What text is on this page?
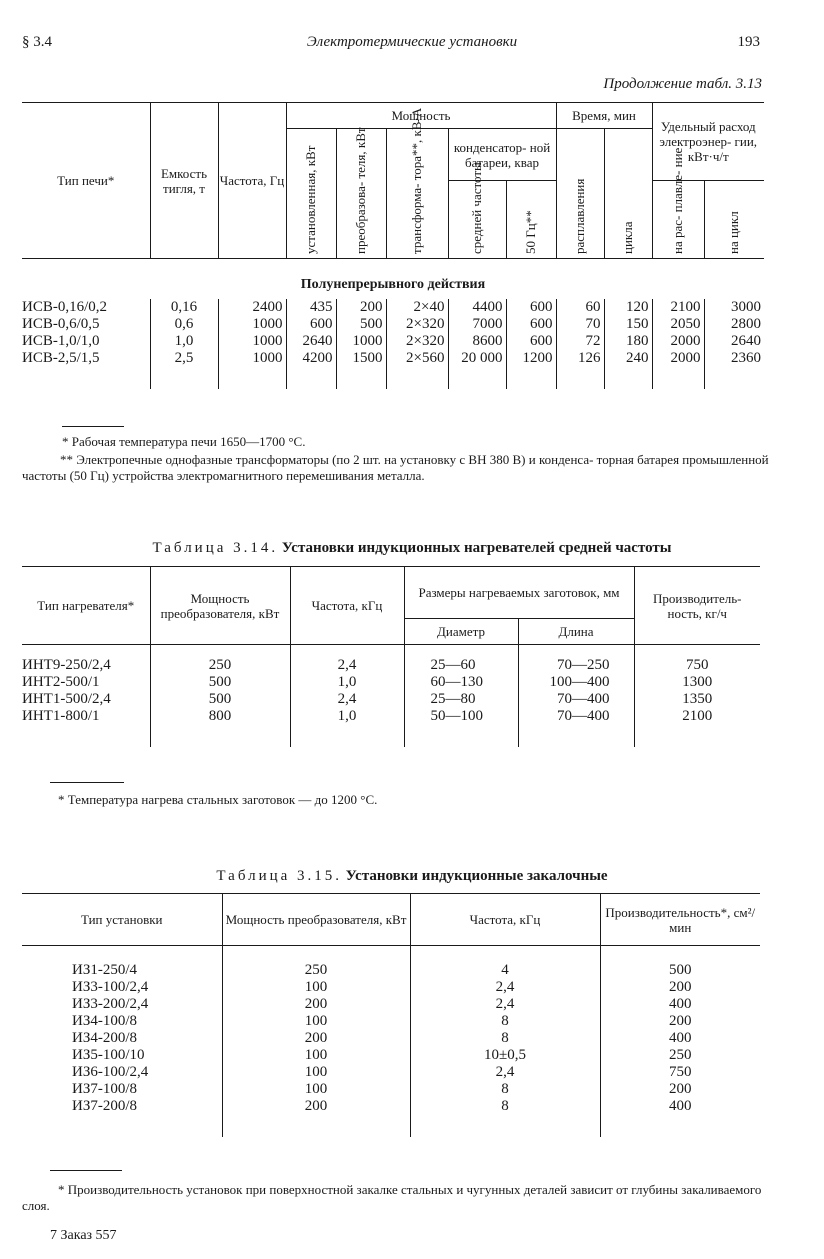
§ 3.4	Электротермические установки	193
Продолжение табл. 3.13
Тип печи*	Емкость тигля, т	Частота, Гц	Мощность					Время, мин		Удельный расход электроэнер- гии, кВт·ч/т	

			установленная, кВт	преобразова- теля, кВт	трансформа- тора**, кВ·А	конденсатор- ной батареи, квар		расплавления	цикла		

						средней частоты	50 Гц**			на рас- плавле- ние	на цикл

Полунепрерывного действия											
ИСВ-0,16/0,2	0,16	2400	435	200	2×40	4400	600	60	120	2100	3000
ИСВ-0,6/0,5	0,6	1000	600	500	2×320	7000	600	70	150	2050	2800
ИСВ-1,0/1,0	1,0	1000	2640	1000	2×320	8600	600	72	180	2000	2640
ИСВ-2,5/1,5	2,5	1000	4200	1500	2×560	20 000	1200	126	240	2000	2360

* Рабочая температура печи 1650—1700 °С.
** Электропечные однофазные трансформаторы (по 2 шт. на установку с ВН 380 В) и конденса- торная батарея промышленной частоты (50 Гц) устройства электромагнитного перемешивания металла.
Таблица 3.14. Установки индукционных нагревателей средней частоты
Тип нагревателя*	Мощность преобразователя, кВт	Частота, кГц	Размеры нагреваемых заготовок, мм		Производитель- ность, кг/ч
			Диаметр	Длина	

ИНТ9-250/2,4	250	2,4	25—60	70—250	750
ИНТ2-500/1	500	1,0	60—130	100—400	1300
ИНТ1-500/2,4	500	2,4	25—80	70—400	1350
ИНТ1-800/1	800	1,0	50—100	70—400	2100

* Температура нагрева стальных заготовок — до 1200 °С.
Таблица 3.15. Установки индукционные закалочные
Тип установки	Мощность преобразователя, кВт	Частота, кГц	Производительность*, см²/мин

ИЗ1-250/4	250	4	500
ИЗ3-100/2,4	100	2,4	200
ИЗ3-200/2,4	200	2,4	400
ИЗ4-100/8	100	8	200
ИЗ4-200/8	200	8	400
ИЗ5-100/10	100	10±0,5	250
ИЗ6-100/2,4	100	2,4	750
ИЗ7-100/8	100	8	200
ИЗ7-200/8	200	8	400

* Производительность установок при поверхностной закалке стальных и чугунных деталей зависит от глубины закаливаемого слоя.
7 Заказ 557
